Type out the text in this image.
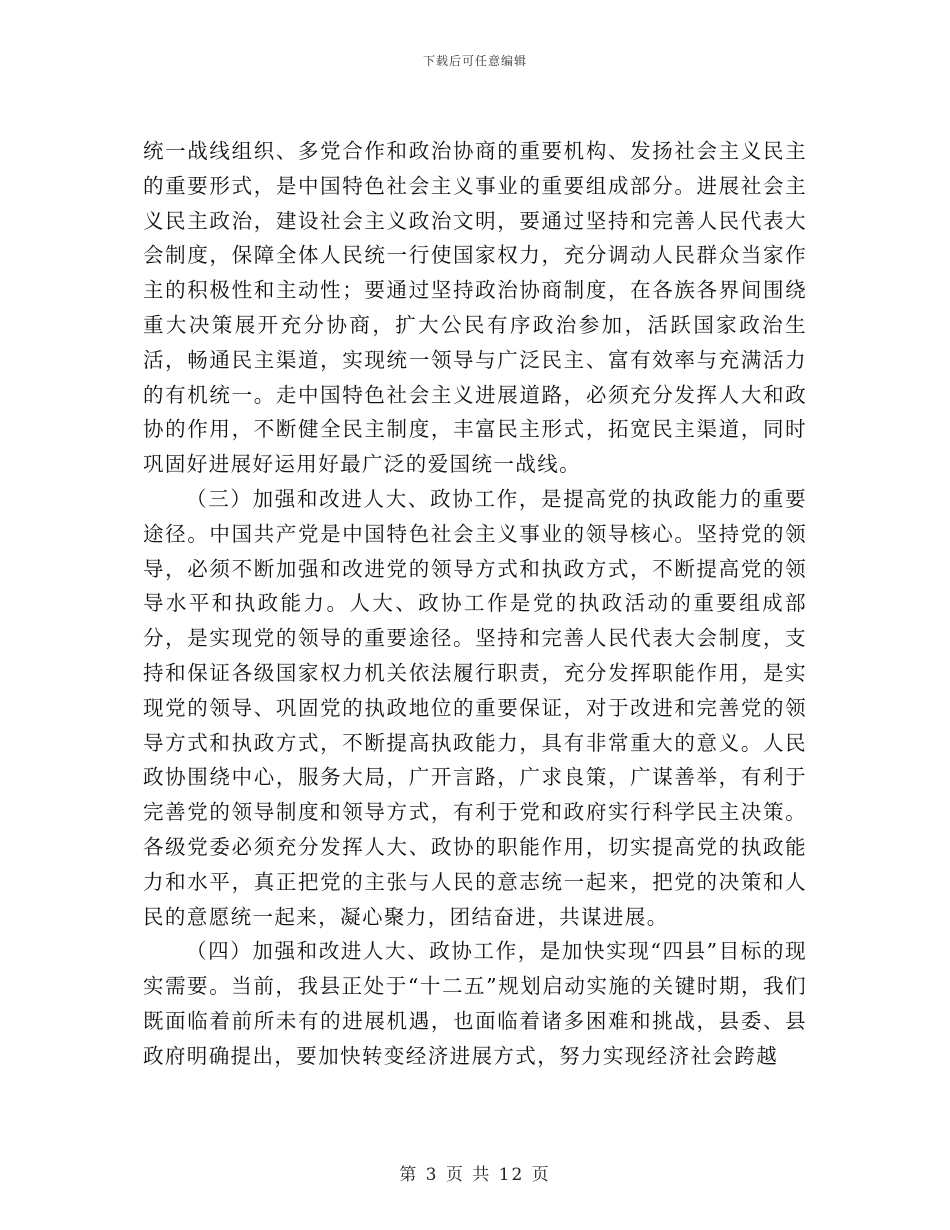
下载后可任意编辑

统一战线组织、多党合作和政治协商的重要机构、发扬社会主义民主的重要形式，是中国特色社会主义事业的重要组成部分。进展社会主义民主政治，建设社会主义政治文明，要通过坚持和完善人民代表大会制度，保障全体人民统一行使国家权力，充分调动人民群众当家作主的积极性和主动性；要通过坚持政治协商制度，在各族各界间围绕重大决策展开充分协商，扩大公民有序政治参加，活跃国家政治生活，畅通民主渠道，实现统一领导与广泛民主、富有效率与充满活力的有机统一。走中国特色社会主义进展道路，必须充分发挥人大和政协的作用，不断健全民主制度，丰富民主形式，拓宽民主渠道，同时巩固好进展好运用好最广泛的爱国统一战线。

（三）加强和改进人大、政协工作，是提高党的执政能力的重要途径。中国共产党是中国特色社会主义事业的领导核心。坚持党的领导，必须不断加强和改进党的领导方式和执政方式，不断提高党的领导水平和执政能力。人大、政协工作是党的执政活动的重要组成部分，是实现党的领导的重要途径。坚持和完善人民代表大会制度，支持和保证各级国家权力机关依法履行职责，充分发挥职能作用，是实现党的领导、巩固党的执政地位的重要保证，对于改进和完善党的领导方式和执政方式，不断提高执政能力，具有非常重大的意义。人民政协围绕中心，服务大局，广开言路，广求良策，广谋善举，有利于完善党的领导制度和领导方式，有利于党和政府实行科学民主决策。各级党委必须充分发挥人大、政协的职能作用，切实提高党的执政能力和水平，真正把党的主张与人民的意志统一起来，把党的决策和人民的意愿统一起来，凝心聚力，团结奋进，共谋进展。

（四）加强和改进人大、政协工作，是加快实现“四县”目标的现实需要。当前，我县正处于“十二五”规划启动实施的关键时期，我们既面临着前所未有的进展机遇，也面临着诸多困难和挑战，县委、县政府明确提出，要加快转变经济进展方式，努力实现经济社会跨越

第 3 页 共 12 页
